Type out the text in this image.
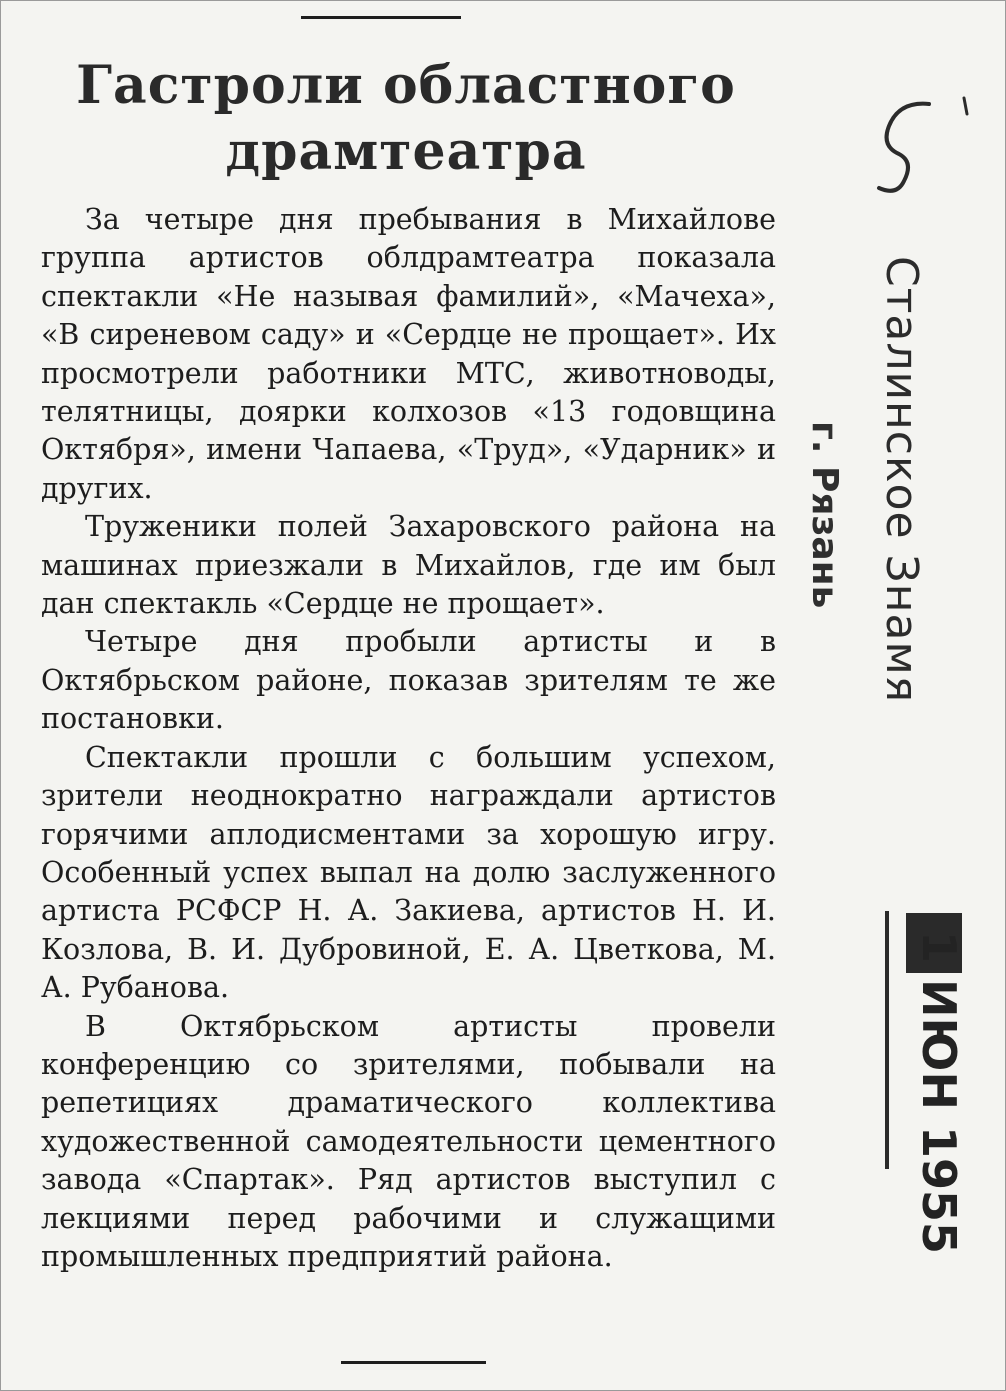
Гастроли областного драмтеатра

За четыре дня пребывания в Михайлове группа артистов облдрамтеатра показала спектакли «Не называя фамилий», «Мачеха», «В сиреневом саду» и «Сердце не прощает». Их просмотрели работники МТС, животноводы, телятницы, доярки колхозов «13 годовщина Октября», имени Чапаева, «Труд», «Ударник» и других.

Труженики полей Захаровского района на машинах приезжали в Михайлов, где им был дан спектакль «Сердце не прощает».

Четыре дня пробыли артисты и в Октябрьском районе, показав зрителям те же постановки.

Спектакли прошли с большим успехом, зрители неоднократно награждали артистов горячими аплодисментами за хорошую игру. Особенный успех выпал на долю заслуженного артиста РСФСР Н. А. Закиева, артистов Н. И. Козлова, В. И. Дубровиной, Е. А. Цветкова, М. А. Рубанова.

В Октябрьском артисты провели конференцию со зрителями, побывали на репетициях драматического коллектива художественной самодеятельности цементного завода «Спартак». Ряд артистов выступил с лекциями перед рабочими и служащими промышленных предприятий района.

Сталинское Знамя
г. Рязань
1 ИЮН 1955
